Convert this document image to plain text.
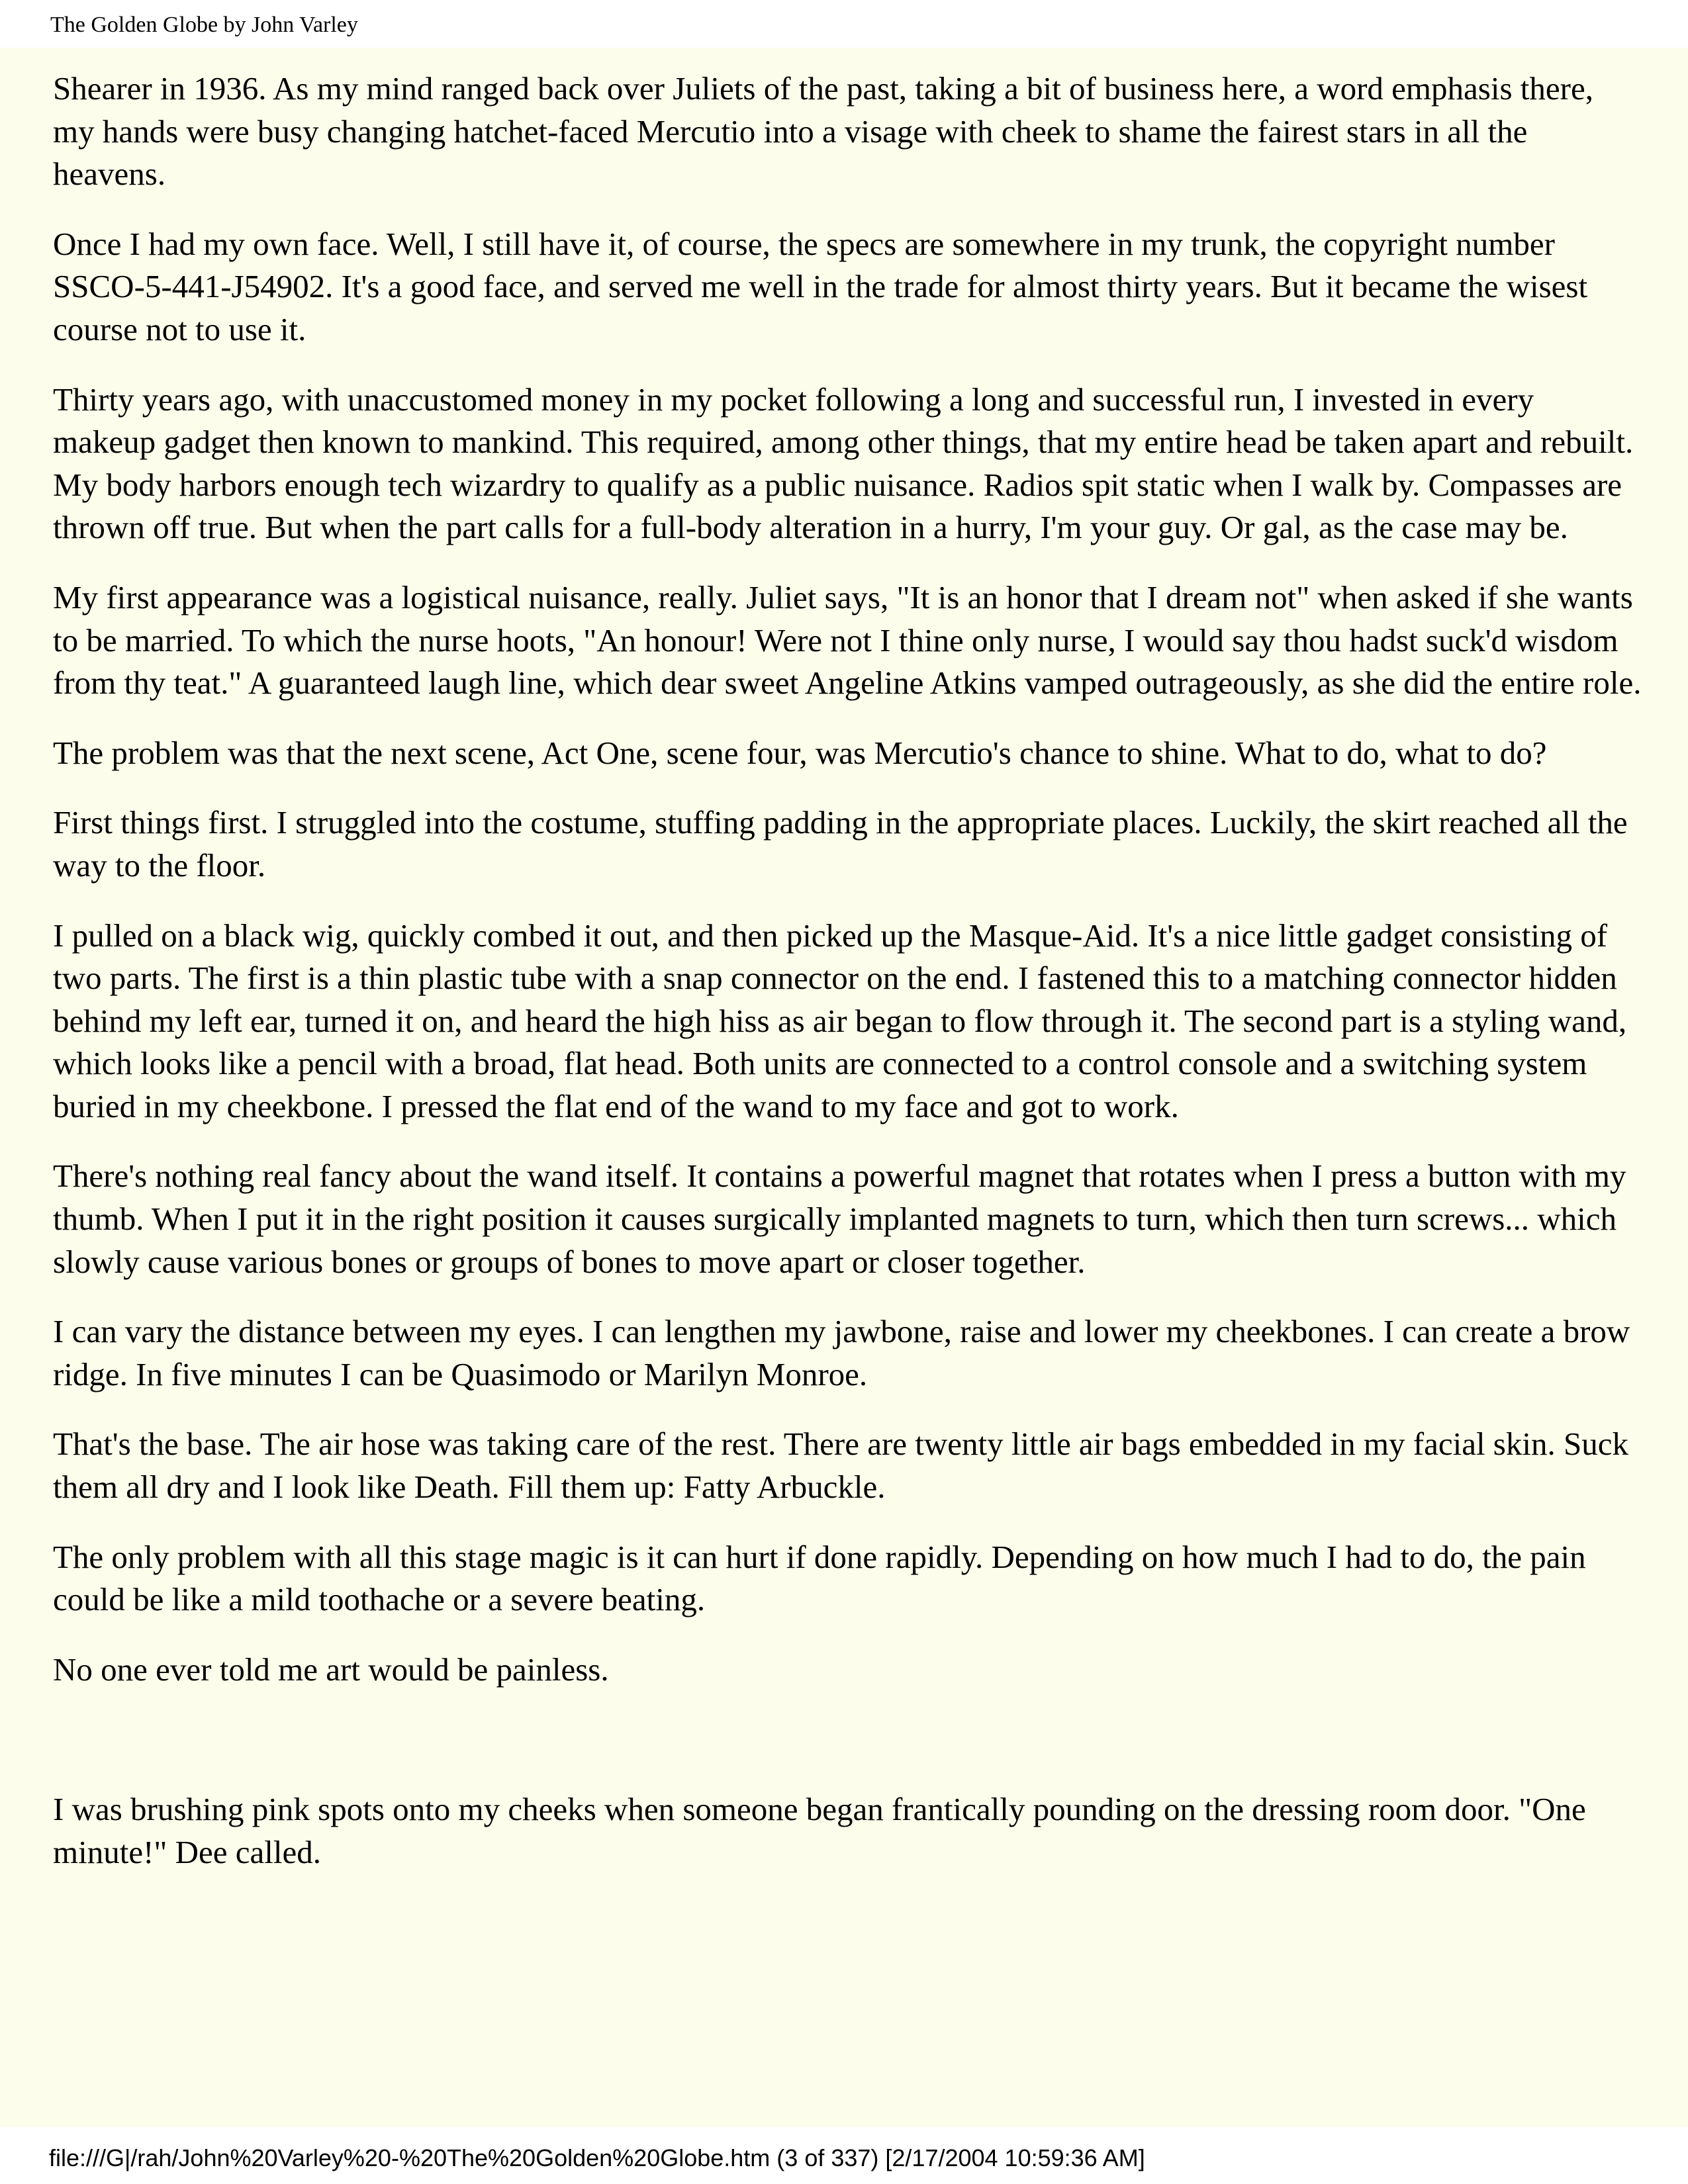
The Golden Globe by John Varley

Shearer in 1936. As my mind ranged back over Juliets of the past, taking a bit of business here, a word emphasis there, my hands were busy changing hatchet-faced Mercutio into a visage with cheek to shame the fairest stars in all the heavens.

Once I had my own face. Well, I still have it, of course, the specs are somewhere in my trunk, the copyright number SSCO-5-441-J54902. It's a good face, and served me well in the trade for almost thirty years. But it became the wisest course not to use it.

Thirty years ago, with unaccustomed money in my pocket following a long and successful run, I invested in every makeup gadget then known to mankind. This required, among other things, that my entire head be taken apart and rebuilt. My body harbors enough tech wizardry to qualify as a public nuisance. Radios spit static when I walk by. Compasses are thrown off true. But when the part calls for a full-body alteration in a hurry, I'm your guy. Or gal, as the case may be.

My first appearance was a logistical nuisance, really. Juliet says, "It is an honor that I dream not" when asked if she wants to be married. To which the nurse hoots, "An honour! Were not I thine only nurse, I would say thou hadst suck'd wisdom from thy teat." A guaranteed laugh line, which dear sweet Angeline Atkins vamped outrageously, as she did the entire role.

The problem was that the next scene, Act One, scene four, was Mercutio's chance to shine. What to do, what to do?

First things first. I struggled into the costume, stuffing padding in the appropriate places. Luckily, the skirt reached all the way to the floor.

I pulled on a black wig, quickly combed it out, and then picked up the Masque-Aid. It's a nice little gadget consisting of two parts. The first is a thin plastic tube with a snap connector on the end. I fastened this to a matching connector hidden behind my left ear, turned it on, and heard the high hiss as air began to flow through it. The second part is a styling wand, which looks like a pencil with a broad, flat head. Both units are connected to a control console and a switching system buried in my cheekbone. I pressed the flat end of the wand to my face and got to work.

There's nothing real fancy about the wand itself. It contains a powerful magnet that rotates when I press a button with my thumb. When I put it in the right position it causes surgically implanted magnets to turn, which then turn screws... which slowly cause various bones or groups of bones to move apart or closer together.

I can vary the distance between my eyes. I can lengthen my jawbone, raise and lower my cheekbones. I can create a brow ridge. In five minutes I can be Quasimodo or Marilyn Monroe.

That's the base. The air hose was taking care of the rest. There are twenty little air bags embedded in my facial skin. Suck them all dry and I look like Death. Fill them up: Fatty Arbuckle.

The only problem with all this stage magic is it can hurt if done rapidly. Depending on how much I had to do, the pain could be like a mild toothache or a severe beating.

No one ever told me art would be painless.

I was brushing pink spots onto my cheeks when someone began frantically pounding on the dressing room door. "One minute!" Dee called.

file:///G|/rah/John%20Varley%20-%20The%20Golden%20Globe.htm (3 of 337) [2/17/2004 10:59:36 AM]
